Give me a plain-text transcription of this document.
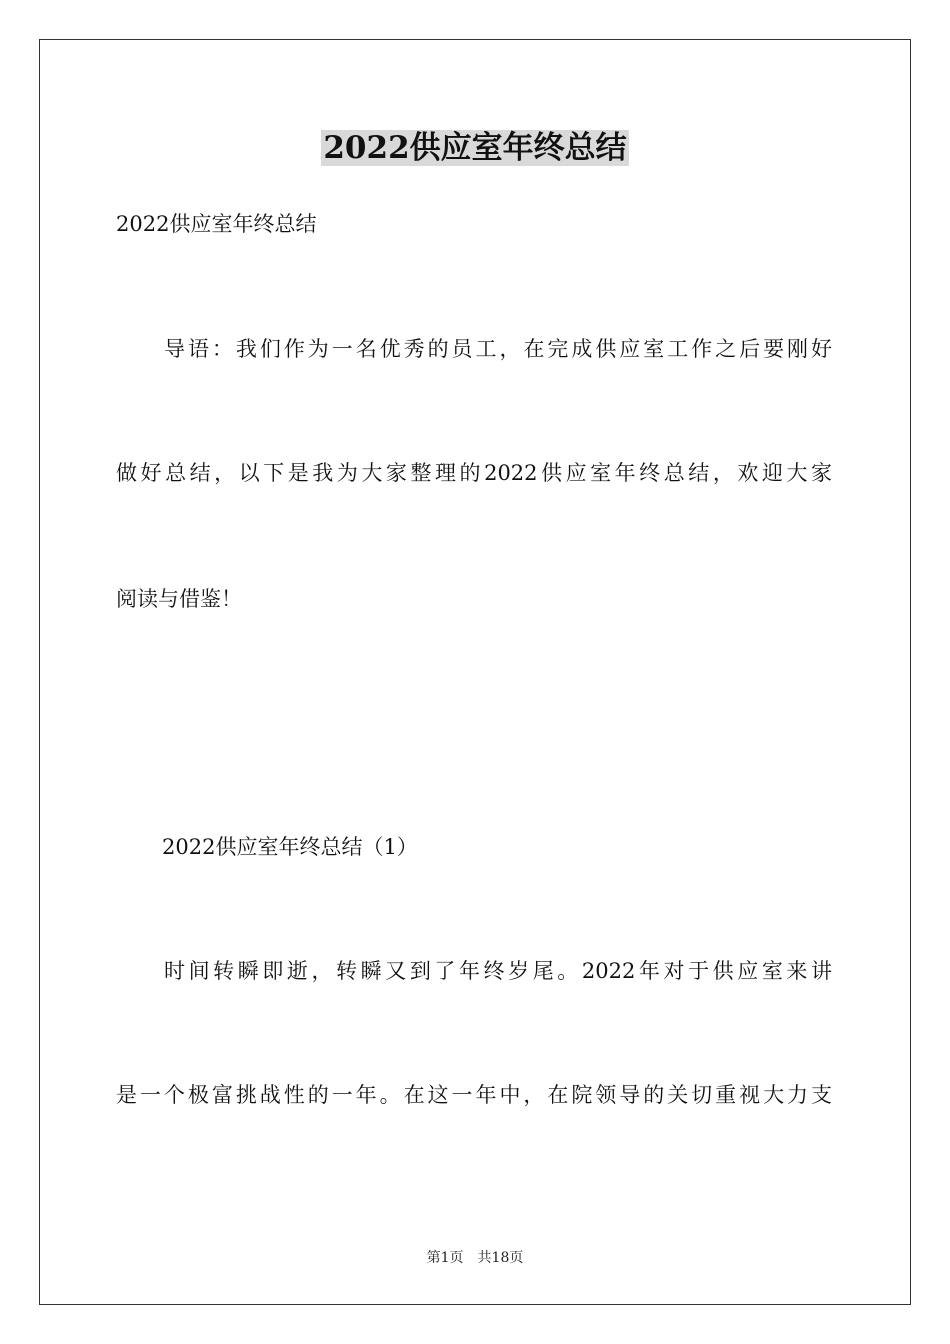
2022供应室年终总结

2022供应室年终总结

导语：我们作为一名优秀的员工，在完成供应室工作之后要刚好

做好总结，以下是我为大家整理的2022供应室年终总结，欢迎大家

阅读与借鉴！

2022供应室年终总结（1）

时间转瞬即逝，转瞬又到了年终岁尾。2022年对于供应室来讲

是一个极富挑战性的一年。在这一年中，在院领导的关切重视大力支

第1页 共18页
